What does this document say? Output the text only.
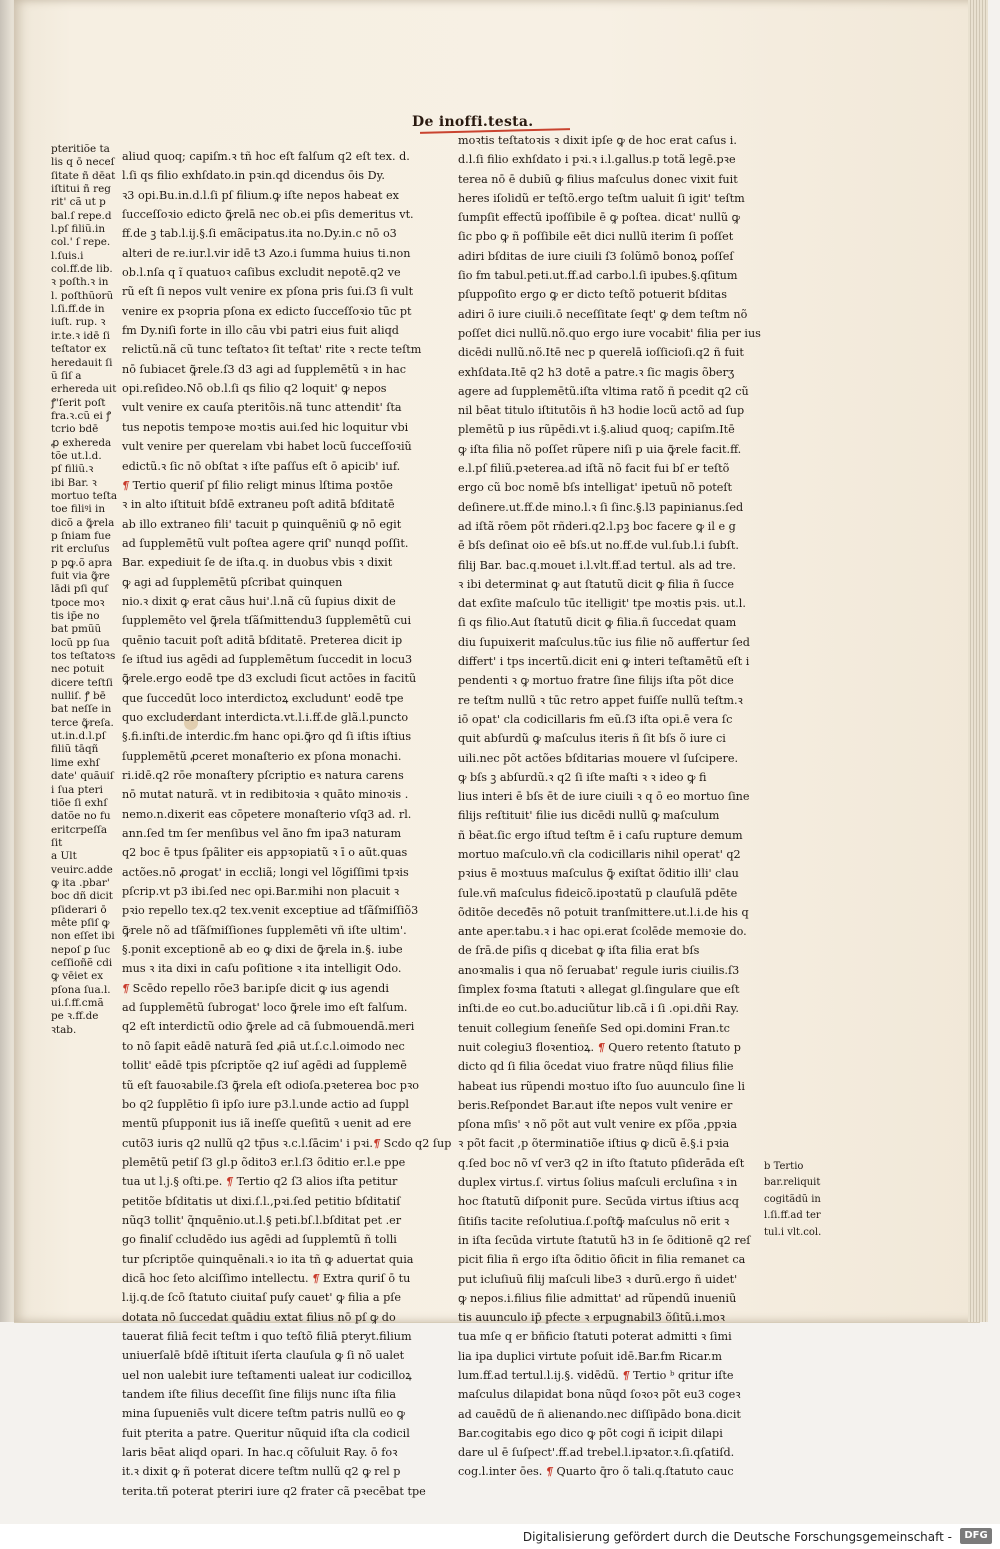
De inoffi.testa.
pteritiõe ta
lis q ō neceſ
ſitate ñ dēat
iſtitui ñ reg
rit' cã ut p
bal.ſ repe.d
l.pſ filiũ.in
col.' ſ repe.
l.ſuis.i
col.ff.de lib.
ꝛ poſth.ꝛ in
l. poſthũorũ
l.ſi.ff.de in
iuſt. rup. ꝛ
ir.te.ꝛ idē ſi
teſtator ex
heredauit ſi
ũ ſiſ a
erhereda uit
ꝭ'ſerit poſt
fra.ꝛ.cũ ei ꝭ
tcrio bdē
ꝓ exhereda
tõe ut.l.d.
pſ filiũ.ꝛ
ibi Bar. ꝛ
mortuo teſta
toe filiꝰi in
dicõ a ꝙ̃rela
p ſniam fue
rit ercluſus
p pꝙ.õ apra
fuit via ꝙ̃re
lādi pſi quſ
tpoce moꝛ
tis ip̄e no
bat pmũũ
locũ pp ſua
tos teſtatoꝛs
nec potuit
dicere teſtſi
nulliſ. ꝭ bē
bat neſſe in
terce ꝙ̃reſa.
ut.in.d.l.pſ
filiũ tāqñ
lime exhſ
date' quãuiſ
i ſua pteri
tiõe ſi exhſ
datõe no fu
eritcrpeſſa
ſit
a Ult
veuirc.adde
ꝙ ita .pbar'
boc dñ dicit
pſiderari ō
mête pſiſ ꝙ
non eſſet ibi
nepoſ ꝑ ſuc
ceſſioñẽ cdi
ꝙ vēiet ex
pſona ſua.l.
ui.ſ.ff.cmã
pe ꝛ.ff.de
ꝛtab.
aliud quoq; capiſm.ꝛ tñ hoc eſt falſum q2 eſt tex. d.
l.ſi qs filio exhſdato.in pꝛin.qd dicendus ōis Dy.
ꝛ3 opi.Bu.in.d.l.ſi pſ filium.ꝙ iſte nepos habeat ex
ſucceſſoꝛio edicto ꝙ̃relā nec ob.ei pſis demeritus vt.
ff.de ꝫ tab.l.ij.§.ſi emãcipatus.ita no.Dy.in.c nō o3
alteri de re.iur.l.vir idē t3 Azo.i ſumma huius ti.non
ob.l.nſa q ĩ quatuoꝛ caſibus excludit nepotē.q2 ve
rũ eſt ſi nepos vult venire ex pſona pris ſui.ſ3 ſi vult
venire ex pꝛopria pſona ex edicto ſucceſſoꝛio tūc pt
fm Dy.niſi forte in illo cāu vbi patri eius fuit aliqd
relictũ.nã cũ tunc teſtatoꝛ ſit teſtat' rite ꝛ recte teſtm
nō ſubiacet ꝙ̃rele.ſ3 d3 agi ad ſupplemētũ ꝛ in hac
opi.reſideo.Nō ob.l.ſi qs filio q2 loquit' ꝙ nepos
vult venire ex cauſa pteritõis.nã tunc attendit' ſta
tus nepotis tempoꝛe moꝛtis aui.ſed hic loquitur vbi
vult venire per querelam vbi habet locũ ſucceſſoꝛiũ
edictũ.ꝛ ſic nō obſtat ꝛ iſte paſſus eſt ō apicib' iuf.
¶ Tertio queriſ pſ filio religt minus lſtima poꝛtōe
ꝛ in alto iſtituit bſdē extraneu poſt aditā bſditatē
ab illo extraneo fili' tacuit p quinquẽniũ ꝙ nō egit
ad ſupplemētũ vult poſtea agere qriſ' nunqd poſſit.
Bar. expediuit ſe de iſta.q. in duobus vbis ꝛ dixit
ꝙ agi ad ſupplemētũ pſcribat quinquen
nio.ꝛ dixit ꝙ erat cãus hui'.l.nã cũ ſupius dixit de
ſupplemēto vel ꝙ̃rela tſãſmittendu3 ſupplemētũ cui
quēnio tacuit poſt aditā bſditatē. Preterea dicit ip
ſe iſtud ius agēdi ad ſupplemētum ſuccedit in locu3
ꝙ̃rele.ergo eodē tpe d3 excludi ſicut actōes in facitũ
que ſuccedūt loco interdictoꝝ excludunt' eodē tpe
quo excluderdant interdicta.vt.l.i.ff.de glã.l.puncto
§.fi.inſti.de interdic.fm hanc opi.ꝙ̃ro qd ſi iſtis iſtius
ſupplemētũ ꝓceret monaſterio ex pſona monachi.
ri.idē.q2 rōe monaſtery pſcriptio eꝛ natura carens
nō mutat naturã. vt in redibitoꝛia ꝛ quāto minoꝛis .
nemo.n.dixerit eas cōpetere monaſterio vſq3 ad. rl.
ann.ſed tm ſer menſibus vel ãno fm ipa3 naturam
q2 boc ē tpus ſpãliter eis appꝛopiatũ ꝛ ī o aũt.quas
actões.nō ꝓrogat' in eccliã; longi vel lõgiſſimi tpꝛis
pſcrip.vt p3 ibi.ſed nec opi.Bar.mihi non placuit ꝛ
pꝛio repello tex.q2 tex.venit exceptiue ad tſãſmiſſiõ3
ꝙ̃rele nõ ad tſãſmiſſiones ſupplemēti vñ iſte ultim'.
§.ponit exceptionē ab eo ꝙ dixi de ꝙ̃rela in.§. iube
mus ꝛ ita dixi in caſu poſitione ꝛ ita intelligit Odo.
¶ Scēdo repello rōe3 bar.ipſe dicit ꝙ ius agendi
ad ſupplemētũ ſubrogat' loco ꝙ̃rele imo eſt falſum.
q2 eſt interdictũ odio ꝙ̃rele ad cā ſubmouendā.meri
to nõ ſapit eādē naturā ſed ꝓiā ut.ſ.c.l.oimodo nec
tollit' eādē tpis pſcriptõe q2 iuſ agēdi ad ſupplemē
tũ eſt fauoꝛabile.ſ3 ꝙ̃rela eſt odioſa.pꝛeterea boc pꝛo
bo q2 ſupplētio ſi ipſo iure p3.l.unde actio ad ſuppl
mentũ pſupponit ius iã ineſſe queſitũ ꝛ uenit ad ere
cutõ3 iuris q2 nullũ q2 tp̄us ꝛ.c.l.ſācim' i pꝛi.¶ Scdo q2 ſup
plemētũ petiſ ſ3 gl.p õdito3 er.l.ſ3 õditio er.l.e ppe
tua ut l.j.§ oſti.pe. ¶ Tertio q2 ſ3 alios iſta petitur
petitõe bſditatis ut dixi.ſ.l.,pꝛi.ſed petitio bſditatiſ
nũq3 tollit' q̃nquēnio.ut.l.§ peti.bſ.l.bſditat pet .er
go finaliſ ccludēdo ius agēdi ad ſupplemtũ ñ tolli
tur pſcriptõe quinquēnali.ꝛ io ita tñ ꝙ aduertat quia
dicā hoc ſeto alciſſimo intellectu. ¶ Extra quriſ ō tu
l.ij.q.de ſcō ſtatuto ciuitaſ puſy cauet' ꝙ filia a pſe
dotata nō ſuccedat quādiu extat filius nō pſ ꝙ do
tauerat filiā fecit teſtm i quo teſtõ filiā pteryt.filium
uniuerſalē bſdē iſtituit iſerta clauſula ꝙ ſi nõ ualet
uel non ualebit iure teſtamenti ualeat iur codicilloꝝ
tandem iſte filius deceſſit ſine filijs nunc iſta filia
mina ſupueniēs vult dicere teſtm patris nullũ eo ꝙ
fuit pterita a patre. Queritur nũquid iſta cla codicil
laris bēat aliqd opari. In hac.q cõſuluit Ray. ō foꝛ
it.ꝛ dixit ꝙ ñ poterat dicere teſtm nullũ q2 ꝙ rel p
terita.tñ poterat pteriri iure q2 frater cã pꝛecēbat tpe
moꝛtis teſtatoꝛis ꝛ dixit ipſe ꝙ de hoc erat caſus i.
d.l.ſi filio exhſdato i pꝛi.ꝛ i.l.gallus.p totã legē.pꝛe
terea nō ē dubiũ ꝙ filius maſculus donec vixit fuit
heres iſolidũ er teſtõ.ergo teſtm ualuit ſi igit' teſtm
ſumpſit effectũ ipoſſibile ē ꝙ poſtea. dicat' nullũ ꝙ
ſic pbo ꝙ ñ poſſibile eēt dici nullũ iterim ſi poſſet
adiri bſditas de iure ciuili ſ3 ſolũmō bonoꝝ poſſeſ
ſio fm tabul.peti.ut.ff.ad carbo.l.ſi ipubes.§.qſitum
pſuppoſito ergo ꝙ er dicto teſtõ potuerit bſditas
adiri õ iure ciuili.ō neceſſitate ſeqt' ꝙ dem teſtm nõ
poſſet dici nullũ.nõ.quo ergo iure vocabit' filia per ius
dicēdi nullũ.nõ.Itē nec p querelā ioſſicioſi.q2 ñ fuit
exhſdata.Itē q2 h3 dotē a patre.ꝛ ſic magis õberʒ
agere ad ſupplemētũ.iſta vltima ratõ ñ pcedit q2 cũ
nil bēat titulo iſtitutõis ñ h3 hodie locũ actõ ad ſup
plemētũ p ius rũpēdi.vt i.§.aliud quoq; capiſm.Itē
ꝙ iſta filia nõ poſſet rũpere niſi p uia ꝙ̃rele facit.ff.
e.l.pſ filiũ.pꝛeterea.ad iſtã nõ facit fui bſ er teſtõ
ergo cũ boc nomē bſs intelligat' ipetuũ nõ poteſt
deſinere.ut.ff.de mino.l.ꝛ ſi ſinc.§.l3 papinianus.ſed
ad iſtã rōem põt rñderi.q2.l.pꝫ boc facere ꝙ il e g
ē bſs deſinat oio eē bſs.ut no.ff.de vul.ſub.l.i ſubſt.
filij Bar. bac.q.mouet i.l.vlt.ff.ad tertul. als ad tre.
ꝛ ibi determinat ꝙ aut ſtatutũ dicit ꝙ filia ñ ſucce
dat exſite maſculo tūc itelligit' tpe moꝛtis pꝛis. ut.l.
ſi qs filio.Aut ſtatutũ dicit ꝙ filia.ñ ſuccedat quam
diu ſupuixerit maſculus.tũc ius filie nõ auffertur ſed
differt' i tps incertũ.dicit eni ꝙ interi teſtamētũ eſt i
pendenti ꝛ ꝙ mortuo fratre ſine filijs iſta põt dice
re teſtm nullũ ꝛ tūc retro appet fuiſſe nullũ teſtm.ꝛ
iō opat' cla codicillaris fm eũ.ſ3 iſta opi.ē vera ſc
quit abſurdũ ꝙ maſculus iteris ñ ſit bſs õ iure ci
uili.nec põt actões bſditarias mouere vl ſuſcipere.
ꝙ bſs ꝫ abſurdũ.ꝛ q2 ſi iſte maſti ꝛ ꝛ ideo ꝙ fi
lius interi ē bſs ēt de iure ciuili ꝛ q ō eo mortuo ſine
filijs reſtituit' filie ius dicēdi nullũ ꝙ maſculum
ñ bēat.ſic ergo iſtud teſtm ē i caſu rupture demum
mortuo maſculo.vñ cla codicillaris nihil operat' q2
pꝛius ē moꝛtuus maſculus ꝙ̃ exiſtat õditio illi' clau
ſule.vñ maſculus fideicõ.ipoꝛtatũ p clauſulã pdēte
õditõe deceđēs nõ potuit tranſmittere.ut.l.i.de his q
ante aper.tabu.ꝛ i hac opi.erat ſcolēde memoꝛie do.
de ſrā.de piſis q dicebat ꝙ iſta filia erat bſs
anoꝛmalis i qua nõ ſeruabat' regule iuris ciuilis.ſ3
ſimplex foꝛma ſtatuti ꝛ allegat gl.ſingulare que eſt
inſti.de eo cut.bo.aduciũtur lib.cã i ſi .opi.dñi Ray.
tenuit collegium ſeneñſe Sed opi.domini Fran.tc
nuit colegiu3 floꝛentioꝝ. ¶ Quero retento ſtatuto p
dicto qd ſi filia õcedat viuo fratre nũqd filius filie
habeat ius rũpendi moꝛtuo iſto ſuo auunculo ſine li
beris.Reſpondet Bar.aut iſte nepos vult venire er
pſona mſis' ꝛ nõ põt aut vult venire ex pſõa ,ppꝛia
ꝛ põt facit ,p õterminatiõe iſtius ꝙ dicũ ē.§.i pꝛia
q.ſed boc nõ vſ ver3 q2 in iſto ſtatuto pſiderāda eſt
duplex virtus.ſ. virtus ſolius maſculi ercluſina ꝛ in
hoc ſtatutũ diſponit pure. Secūda virtus iſtius acq
ſitiſis tacite reſolutiua.ſ.poſtꝙ̃ maſculus nõ erit ꝛ
in iſta ſecūda virtute ſtatutũ h3 in ſe õditionē q2 reſ
picit filia ñ ergo iſta õditio õficit in filia remanet ca
put icluſiuũ filij maſculi libe3 ꝛ durũ.ergo ñ uidet'
ꝙ nepos.i.filius filie admittat' ad rũpendũ inueniũ
tis auunculo ip̄ pfecte ꝛ erpugnabil3 õſitũ.i.moꝛ
tua mſe q er bñficio ſtatuti poterat admitti ꝛ ſimi
lia ipa duplici virtute poſuit idē.Bar.fm Ricar.m
lum.ff.ad tertul.l.ij.§. vidēdũ. ¶ Tertio ᵇ qritur iſte
maſculus dilapidat bona nũqd ſoꝛoꝛ põt eu3 cogeꝛ
ad cauēdũ de ñ alienando.nec diſſipādo bona.dicit
Bar.cogitabis ego dico ꝙ põt cogi ñ icipit dilapi
dare ul ē ſuſpect'.ff.ad trebel.l.ipꝛator.ꝛ.ſi.qſatiſd.
cog.l.inter ōes. ¶ Quarto q̄ro õ tali.q.ſtatuto cauc
b Tertio
bar.reliquit
cogitãdũ in
l.ſi.ff.ad ter
tul.i vlt.col.
Digitalisierung gefördert durch die Deutsche Forschungsgemeinschaft -	DFG
